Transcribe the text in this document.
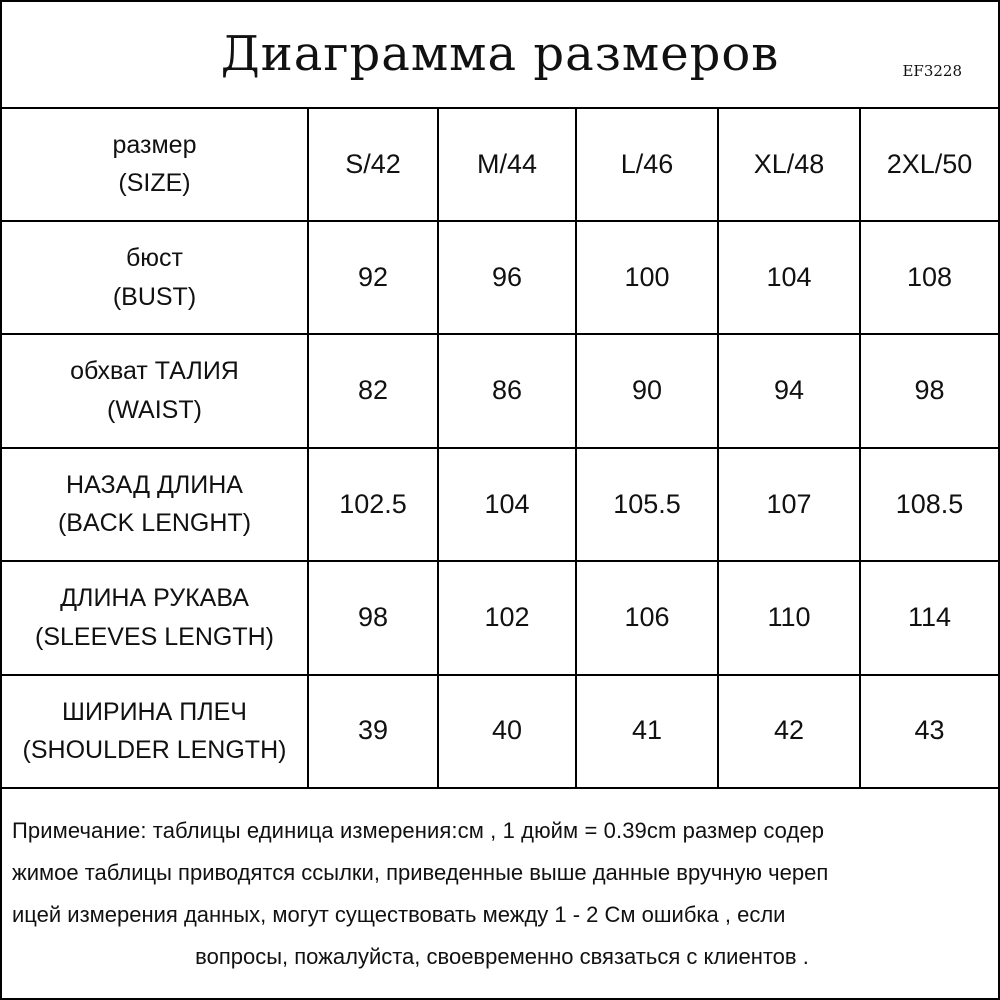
Диаграмма размеров	EF3228
размер
(SIZE)	S/42	M/44	L/46	XL/48	2XL/50

бюст
(BUST)	92	96	100	104	108

обхват ТАЛИЯ
(WAIST)	82	86	90	94	98

НАЗАД ДЛИНА
(BACK LENGHT)	102.5	104	105.5	107	108.5

ДЛИНА РУКАВА
(SLEEVES LENGTH)	98	102	106	110	114

ШИРИНА ПЛЕЧ
(SHOULDER LENGTH)	39	40	41	42	43
Примечание: таблицы единица измерения:см , 1 дюйм = 0.39cm размер содер
жимое таблицы приводятся ссылки, приведенные выше данные вручную череп
ицей измерения данных, могут существовать между 1 - 2 См ошибка , если
вопросы, пожалуйста, своевременно связаться с клиентов .
